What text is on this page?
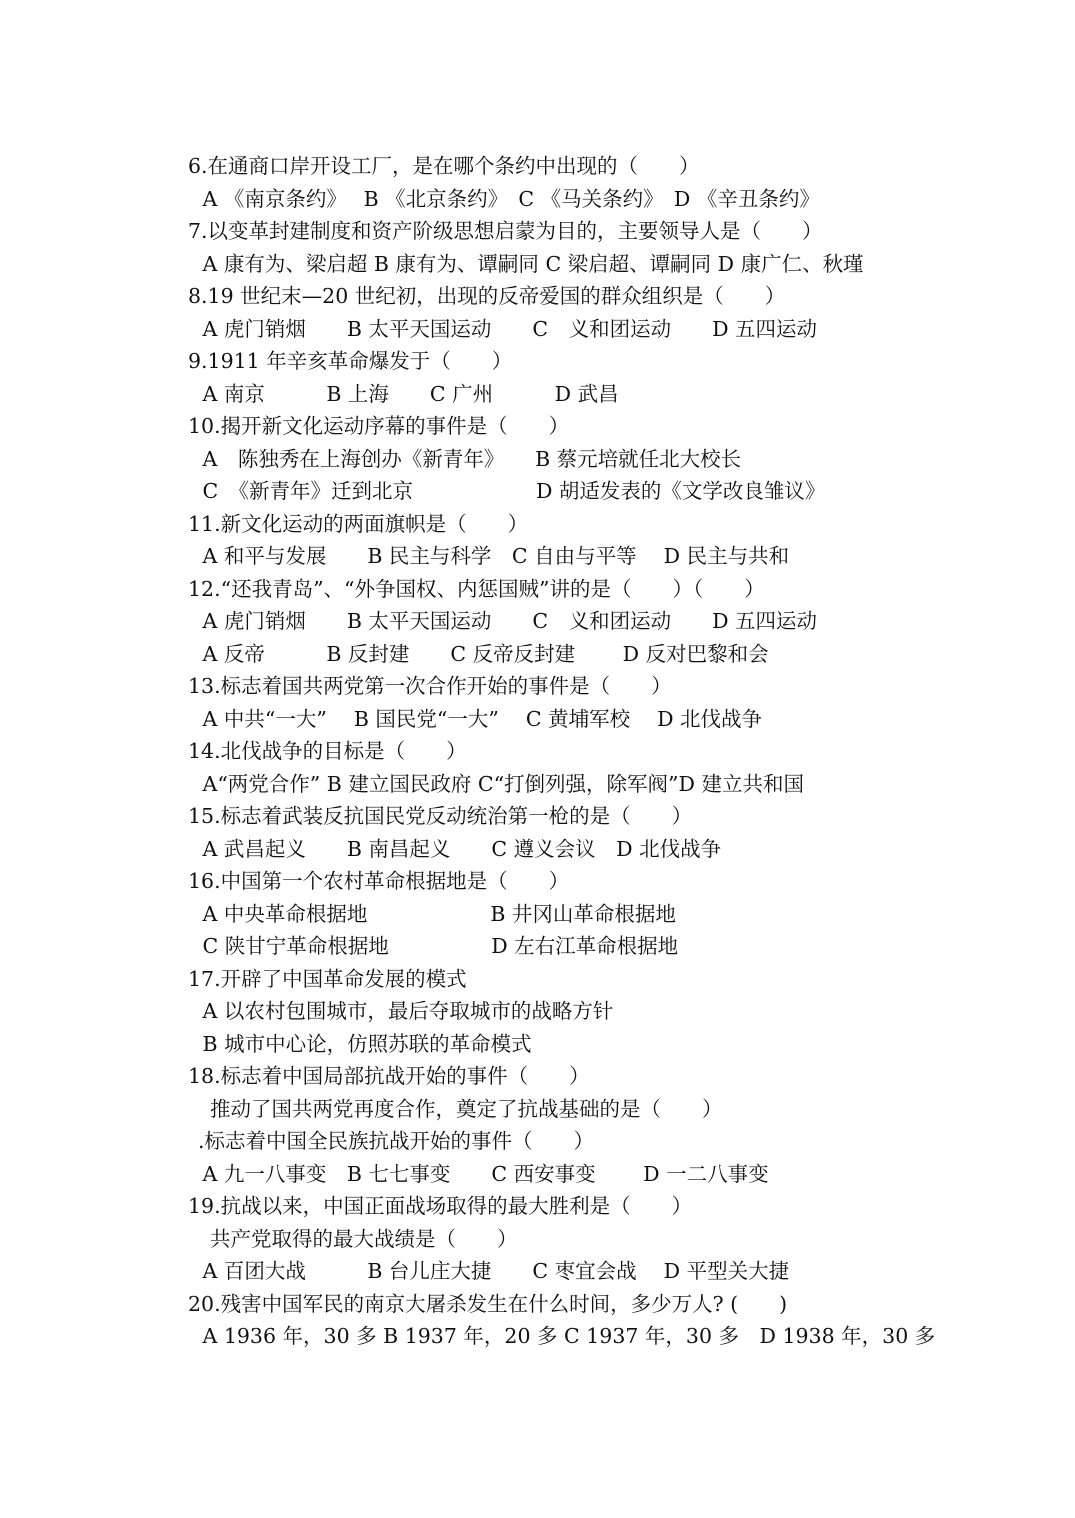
6.在通商口岸开设工厂，是在哪个条约中出现的（　　）
A 《南京条约》　 B 《北京条约》　C 《马关条约》　D 《辛丑条约》
7.以变革封建制度和资产阶级思想启蒙为目的，主要领导人是（　　）
A 康有为、梁启超 B 康有为、谭嗣同 C 梁启超、谭嗣同 D 康广仁、秋瑾
8.19 世纪末—20 世纪初，出现的反帝爱国的群众组织是（　　）
A 虎门销烟　　B 太平天国运动　　C　义和团运动　　D 五四运动
9.1911 年辛亥革命爆发于（　　）
A 南京　　　B 上海　　C 广州　　　D 武昌
10.揭开新文化运动序幕的事件是（　　）
A　陈独秀在上海创办《新青年》　　B 蔡元培就任北大校长
C　《新青年》迁到北京　　　　　　D 胡适发表的《文学改良雏议》
11.新文化运动的两面旗帜是（　　）
A 和平与发展　　B 民主与科学　C 自由与平等　 D 民主与共和
12.“还我青岛”、“外争国权、内惩国贼”讲的是（　　）（　　）
A 虎门销烟　　B 太平天国运动　　C　义和团运动　　D 五四运动
A 反帝　　　B 反封建　　C 反帝反封建　　 D 反对巴黎和会
13.标志着国共两党第一次合作开始的事件是（　　）
A 中共“一大”　 B 国民党“一大”　 C 黄埔军校　 D 北伐战争
14.北伐战争的目标是（　　）
A“两党合作” B 建立国民政府 C“打倒列强，除军阀”D 建立共和国
15.标志着武装反抗国民党反动统治第一枪的是（　　）
A 武昌起义　　B 南昌起义　　C 遵义会议　D 北伐战争
16.中国第一个农村革命根据地是（　　）
A 中央革命根据地　　　　　　B 井冈山革命根据地
C 陕甘宁革命根据地　　　　　D 左右江革命根据地
17.开辟了中国革命发展的模式
A 以农村包围城市，最后夺取城市的战略方针
B 城市中心论，仿照苏联的革命模式
18.标志着中国局部抗战开始的事件（　　）
推动了国共两党再度合作，奠定了抗战基础的是（　　）
.标志着中国全民族抗战开始的事件（　　）
A 九一八事变　B 七七事变　　C 西安事变　　 D 一二八事变
19.抗战以来，中国正面战场取得的最大胜利是（　　）
共产党取得的最大战绩是（　　）
A 百团大战　　　B 台儿庄大捷　　C 枣宜会战　 D 平型关大捷
20.残害中国军民的南京大屠杀发生在什么时间，多少万人? (　　)
A 1936 年，30 多 B 1937 年，20 多 C 1937 年，30 多　D 1938 年，30 多
